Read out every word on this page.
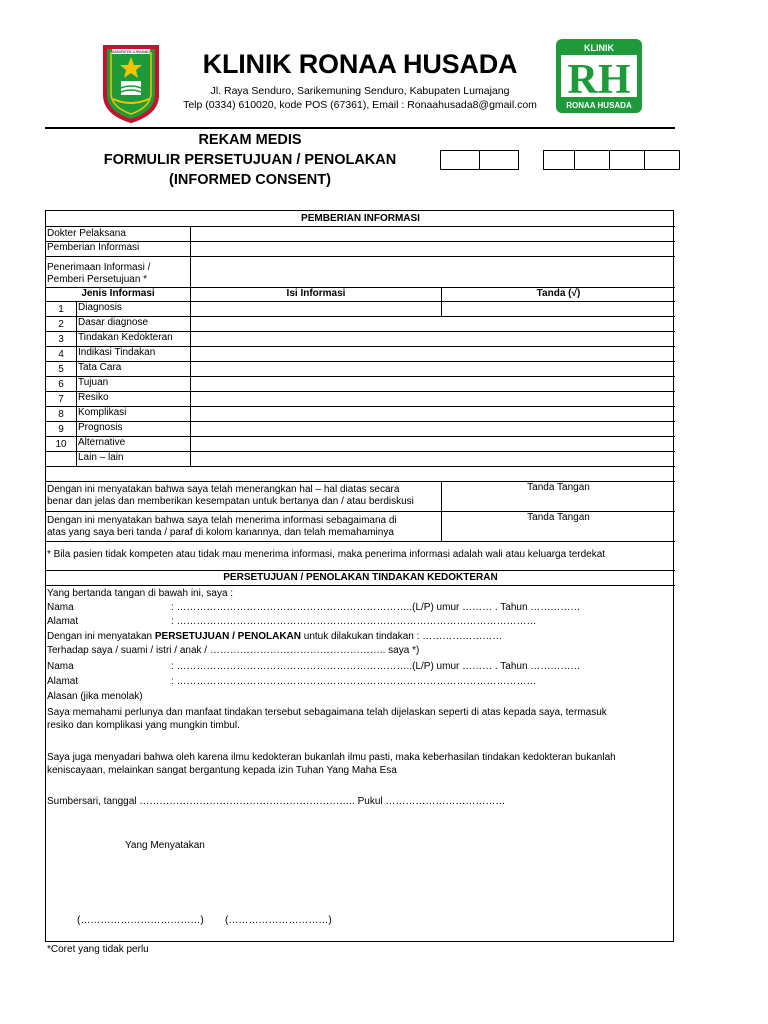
KABUPATEN LUMAJANG	KLINIK RONAA HUSADA
Jl. Raya Senduro, Sarikemuning Senduro, Kabupaten Lumajang
Telp (0334) 610020, kode POS (67361), Email : Ronaahusada8@gmail.com
KLINIK
RH
RONAA HUSADA
REKAM MEDIS
FORMULIR PERSETUJUAN / PENOLAKAN
(INFORMED CONSENT)
PEMBERIAN INFORMASI
Dokter Pelaksana
Pemberian Informasi
Penerimaan Informasi /
Pemberi Persetujuan *
Jenis Informasi	Isi Informasi	Tanda (√)
1	Diagnosis
2	Dasar diagnose
3	Tindakan Kedokteran
4	Indikasi Tindakan
5	Tata Cara
6	Tujuan
7	Resiko
8	Komplikasi
9	Prognosis
10	Alternative
Lain – lain
Dengan ini menyatakan bahwa saya telah menerangkan hal – hal diatas secara
benar dan jelas dan memberikan kesempatan untuk bertanya dan / atau berdiskusi
Tanda Tangan
Dengan ini menyatakan bahwa saya telah menerima informasi sebagaimana di
atas yang saya beri tanda / paraf di kolom kanannya, dan telah memahaminya
Tanda Tangan
* Bila pasien tidak kompeten atau tidak mau menerima informasi, maka penerima informasi adalah wali atau keluarga terdekat
PERSETUJUAN / PENOLAKAN TINDAKAN KEDOKTERAN
Yang bertanda tangan di bawah ini, saya :
Nama	: ……………………………………………………………..(L/P) umur ……… . Tahun ……………
Alamat	: ………………………………………………………………………………………………
Dengan ini menyatakan PERSETUJUAN / PENOLAKAN untuk dilakukan tindakan : ……………………
Terhadap saya / suami / istri / anak / …………………………………………….. saya *)
Nama	: ……………………………………………………………..(L/P) umur ……… . Tahun ……………
Alamat	: ………………………………………………………………………………………………
Alasan (jika menolak)
Saya memahami perlunya dan manfaat tindakan tersebut sebagaimana telah dijelaskan seperti di atas kepada saya, termasuk
resiko dan komplikasi yang mungkin timbul.
Saya juga menyadari bahwa oleh karena ilmu kedokteran bukanlah ilmu pasti, maka keberhasilan tindakan kedokteran bukanlah
keniscayaan, melainkan sangat bergantung kepada izin Tuhan Yang Maha Esa
Sumbersari, tanggal ……………………………………………………….. Pukul ………………………………
Yang Menyatakan
(………………………………) (…………………………)
*Coret yang tidak perlu
